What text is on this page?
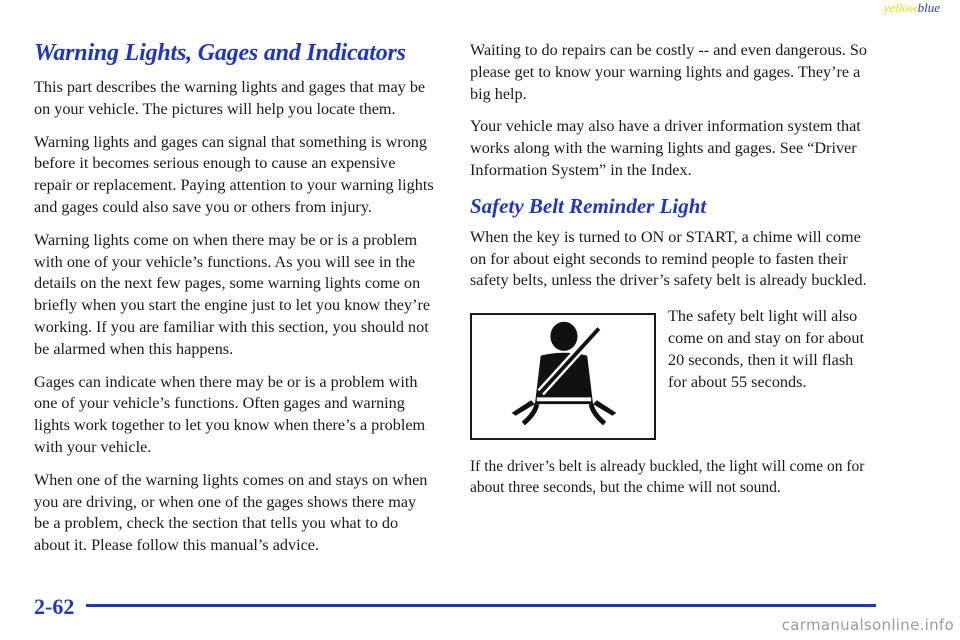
yellowblue
Warning Lights, Gages and Indicators

This part describes the warning lights and gages that may be on your vehicle. The pictures will help you locate them.

Warning lights and gages can signal that something is wrong before it becomes serious enough to cause an expensive repair or replacement. Paying attention to your warning lights and gages could also save you or others from injury.

Warning lights come on when there may be or is a problem with one of your vehicle’s functions. As you will see in the details on the next few pages, some warning lights come on briefly when you start the engine just to let you know they’re working. If you are familiar with this section, you should not be alarmed when this happens.

Gages can indicate when there may be or is a problem with one of your vehicle’s functions. Often gages and warning lights work together to let you know when there’s a problem with your vehicle.

When one of the warning lights comes on and stays on when you are driving, or when one of the gages shows there may be a problem, check the section that tells you what to do about it. Please follow this manual’s advice.

Waiting to do repairs can be costly -- and even dangerous. So please get to know your warning lights and gages. They’re a big help.

Your vehicle may also have a driver information system that works along with the warning lights and gages. See “Driver Information System” in the Index.

Safety Belt Reminder Light

When the key is turned to ON or START, a chime will come on for about eight seconds to remind people to fasten their safety belts, unless the driver’s safety belt is already buckled.

The safety belt light will also come on and stay on for about 20 seconds, then it will flash for about 55 seconds.

If the driver’s belt is already buckled, the light will come on for about three seconds, but the chime will not sound.

2-62
carmanualsonline.info
